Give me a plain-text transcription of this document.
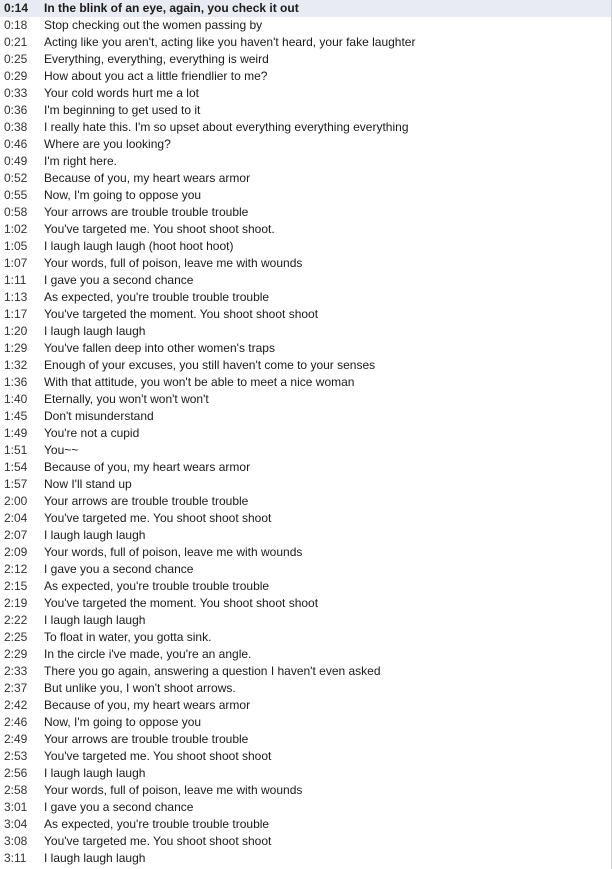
0:14	In the blink of an eye, again, you check it out
0:18	Stop checking out the women passing by
0:21	Acting like you aren't, acting like you haven't heard, your fake laughter
0:25	Everything, everything, everything is weird
0:29	How about you act a little friendlier to me?
0:33	Your cold words hurt me a lot
0:36	I'm beginning to get used to it
0:38	I really hate this. I'm so upset about everything everything everything
0:46	Where are you looking?
0:49	I'm right here.
0:52	Because of you, my heart wears armor
0:55	Now, I'm going to oppose you
0:58	Your arrows are trouble trouble trouble
1:02	You've targeted me. You shoot shoot shoot.
1:05	I laugh laugh laugh (hoot hoot hoot)
1:07	Your words, full of poison, leave me with wounds
1:11	I gave you a second chance
1:13	As expected, you're trouble trouble trouble
1:17	You've targeted the moment. You shoot shoot shoot
1:20	I laugh laugh laugh
1:29	You've fallen deep into other women's traps
1:32	Enough of your excuses, you still haven't come to your senses
1:36	With that attitude, you won't be able to meet a nice woman
1:40	Eternally, you won't won't won't
1:45	Don't misunderstand
1:49	You're not a cupid
1:51	You~~
1:54	Because of you, my heart wears armor
1:57	Now I'll stand up
2:00	Your arrows are trouble trouble trouble
2:04	You've targeted me. You shoot shoot shoot
2:07	I laugh laugh laugh
2:09	Your words, full of poison, leave me with wounds
2:12	I gave you a second chance
2:15	As expected, you're trouble trouble trouble
2:19	You've targeted the moment. You shoot shoot shoot
2:22	I laugh laugh laugh
2:25	To float in water, you gotta sink.
2:29	In the circle i've made, you're an angle.
2:33	There you go again, answering a question I haven't even asked
2:37	But unlike you, I won't shoot arrows.
2:42	Because of you, my heart wears armor
2:46	Now, I'm going to oppose you
2:49	Your arrows are trouble trouble trouble
2:53	You've targeted me. You shoot shoot shoot
2:56	I laugh laugh laugh
2:58	Your words, full of poison, leave me with wounds
3:01	I gave you a second chance
3:04	As expected, you're trouble trouble trouble
3:08	You've targeted me. You shoot shoot shoot
3:11	I laugh laugh laugh
